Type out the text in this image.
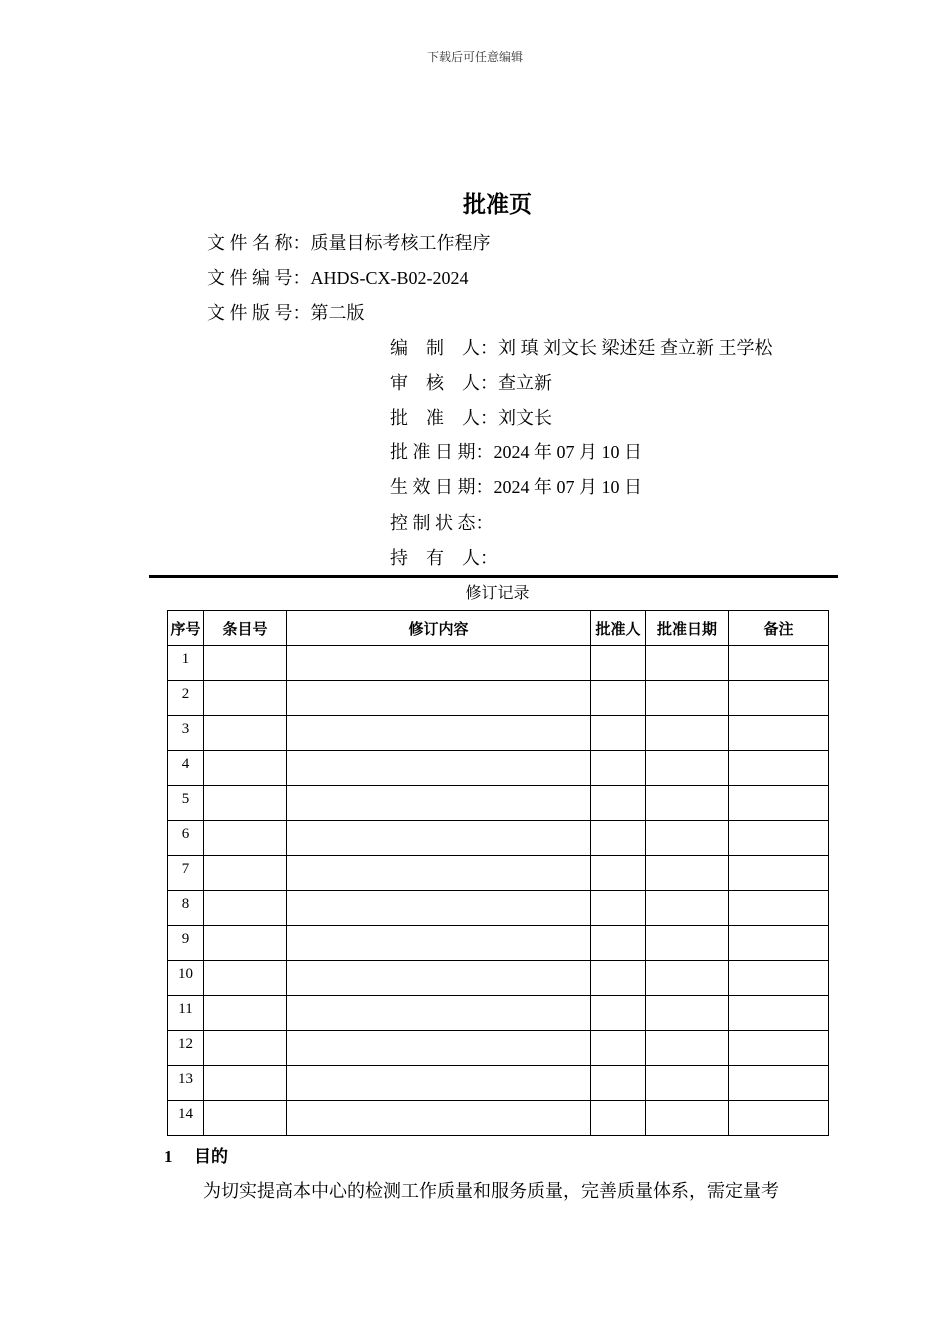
下载后可任意编辑
批准页
文 件 名 称：质量目标考核工作程序
文 件 编 号：AHDS-CX-B02-2024
文 件 版 号：第二版
编　制　人：刘 瑱 刘文长 梁述廷 查立新 王学松
审　核　人：查立新
批　准　人：刘文长
批 准 日 期：2024 年 07 月 10 日
生 效 日 期：2024 年 07 月 10 日
控 制 状 态：
持　有　人：
修订记录
序号	条目号	修订内容	批准人	批准日期	备注
1					
2					
3					
4					
5					
6					
7					
8					
9					
10					
11					
12					
13					
14					
1 目的
为切实提高本中心的检测工作质量和服务质量，完善质量体系，需定量考
